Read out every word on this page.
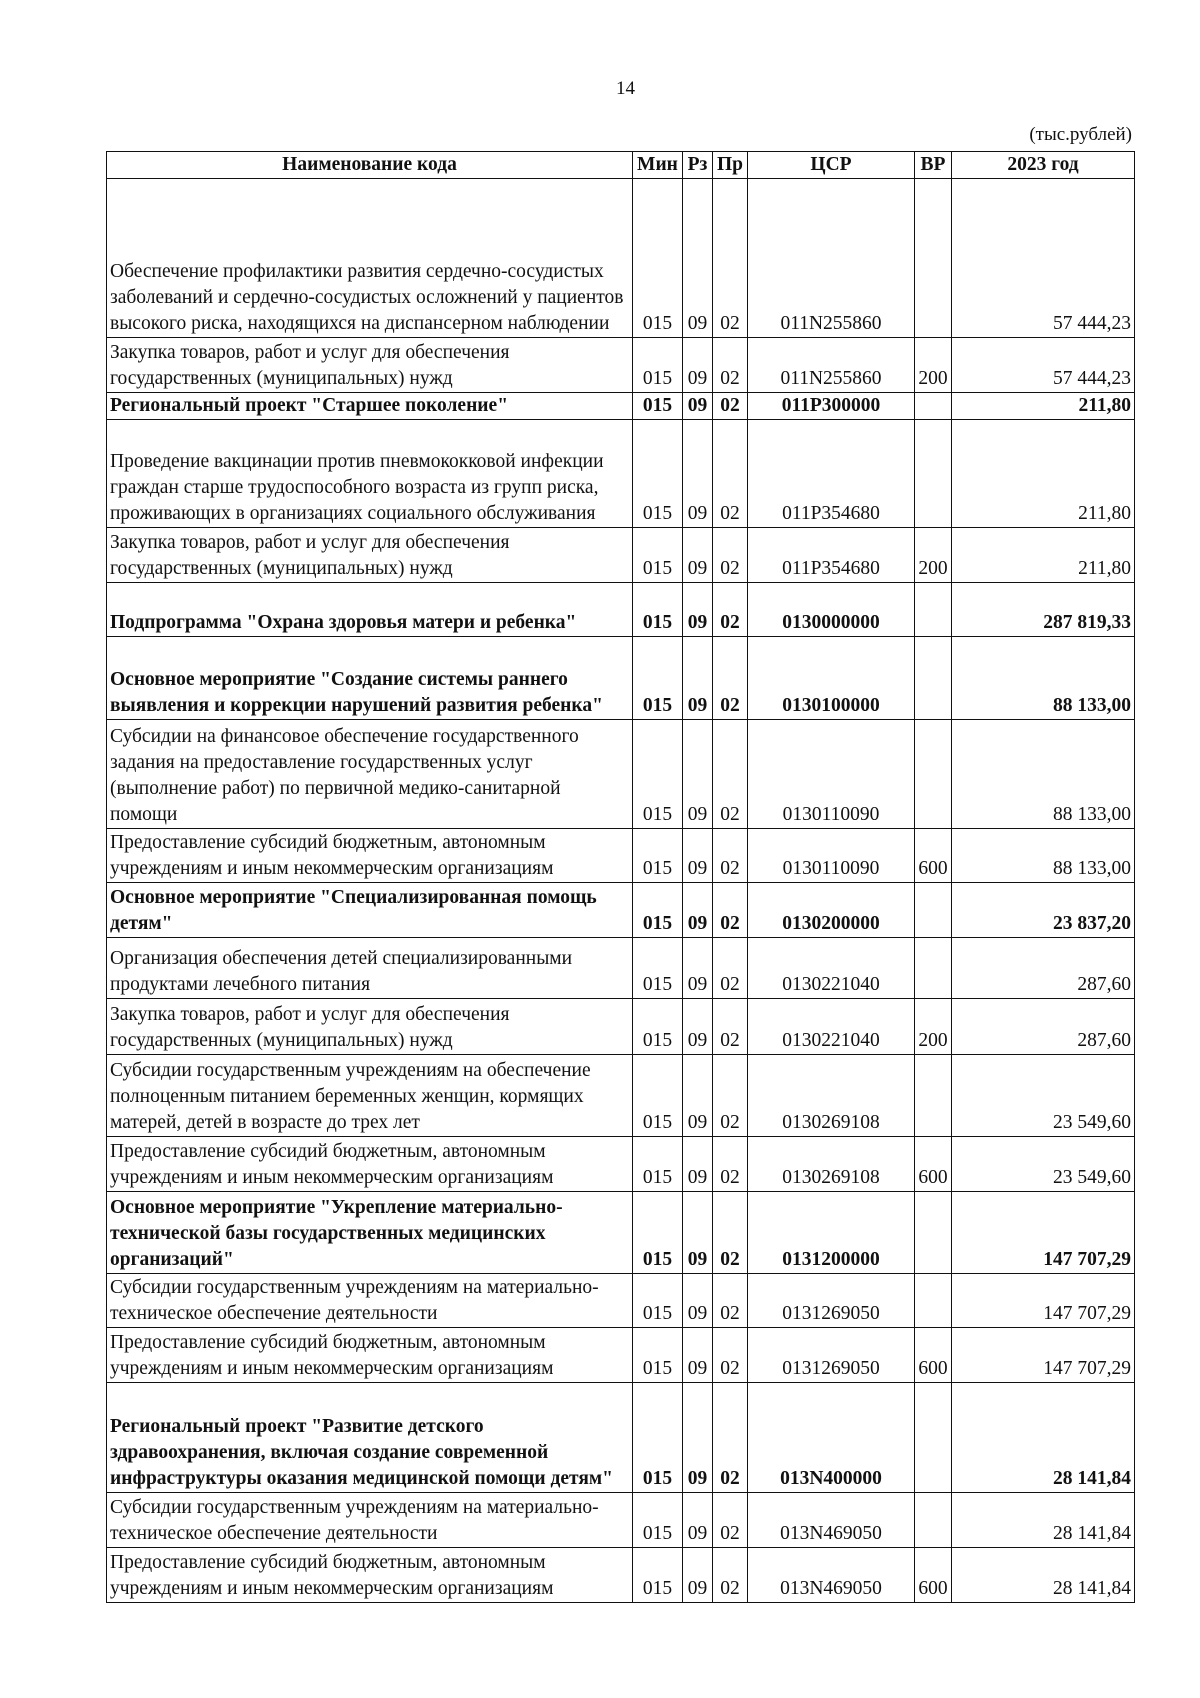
14
(тыс.рублей)
Наименование кода	Мин	Рз	Пр	ЦСР	ВР	2023 год
Обеспечение профилактики развития сердечно-сосудистых заболеваний и сердечно-сосудистых осложнений у пациентов высокого риска, находящихся на диспансерном наблюдении	015	09	02	011N255860		57 444,23
Закупка товаров, работ и услуг для обеспечения государственных (муниципальных) нужд	015	09	02	011N255860	200	57 444,23
Региональный проект "Старшее поколение"	015	09	02	011P300000		211,80
Проведение вакцинации против пневмококковой инфекции граждан старше трудоспособного возраста из групп риска, проживающих в организациях социального обслуживания	015	09	02	011P354680		211,80
Закупка товаров, работ и услуг для обеспечения государственных (муниципальных) нужд	015	09	02	011P354680	200	211,80
Подпрограмма "Охрана здоровья матери и ребенка"	015	09	02	0130000000		287 819,33
Основное мероприятие "Создание системы раннего выявления и коррекции нарушений развития ребенка"	015	09	02	0130100000		88 133,00
Субсидии на финансовое обеспечение государственного задания на предоставление государственных услуг (выполнение работ) по первичной медико-санитарной помощи	015	09	02	0130110090		88 133,00
Предоставление субсидий бюджетным, автономным учреждениям и иным некоммерческим организациям	015	09	02	0130110090	600	88 133,00
Основное мероприятие "Специализированная помощь детям"	015	09	02	0130200000		23 837,20
Организация обеспечения детей специализированными продуктами лечебного питания	015	09	02	0130221040		287,60
Закупка товаров, работ и услуг для обеспечения государственных (муниципальных) нужд	015	09	02	0130221040	200	287,60
Субсидии государственным учреждениям на обеспечение полноценным питанием беременных женщин, кормящих матерей, детей в возрасте до трех лет	015	09	02	0130269108		23 549,60
Предоставление субсидий бюджетным, автономным учреждениям и иным некоммерческим организациям	015	09	02	0130269108	600	23 549,60
Основное мероприятие "Укрепление материально-технической базы государственных медицинских организаций"	015	09	02	0131200000		147 707,29
Субсидии государственным учреждениям на материально-техническое обеспечение деятельности	015	09	02	0131269050		147 707,29
Предоставление субсидий бюджетным, автономным учреждениям и иным некоммерческим организациям	015	09	02	0131269050	600	147 707,29
Региональный проект "Развитие детского здравоохранения, включая создание современной инфраструктуры оказания медицинской помощи детям"	015	09	02	013N400000		28 141,84
Субсидии государственным учреждениям на материально-техническое обеспечение деятельности	015	09	02	013N469050		28 141,84
Предоставление субсидий бюджетным, автономным учреждениям и иным некоммерческим организациям	015	09	02	013N469050	600	28 141,84
